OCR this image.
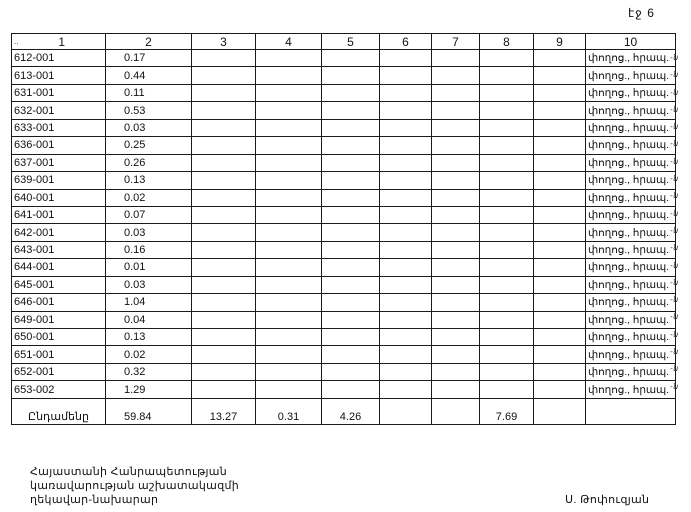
էջ 6
.. 1	2	3	4	5	6	7	8	9	10
612-001	0.17								փողոց., հրապ.
613-001	0.44								փողոց., հրապ.
631-001	0.11								փողոց., հրապ.
632-001	0.53								փողոց., հրապ.
633-001	0.03								փողոց., հրապ.
636-001	0.25								փողոց., հրապ.
637-001	0.26								փողոց., հրապ.
639-001	0.13								փողոց., հրապ.
640-001	0.02								փողոց., հրապ.
641-001	0.07								փողոց., հրապ.
642-001	0.03								փողոց., հրապ.
643-001	0.16								փողոց., հրապ.
644-001	0.01								փողոց., հրապ.
645-001	0.03								փողոց., հրապ.
646-001	1.04								փողոց., հրապ.
649-001	0.04								փողոց., հրապ.
650-001	0.13								փողոց., հրապ.
651-001	0.02								փողոց., հրապ.
652-001	0.32								փողոց., հրապ.
653-002	1.29								փողոց., հրապ.
Ընդամենը	59.84	13.27	0.31	4.26			7.69		
-ն
-ն
-ն
-ն
-ն
-ն
-ն
-ն
-ն
-ն
-ն
-ն
-ն
-ն
-ն
-ն
-ն
-ն
-ն
-ն
Հայաստանի Հանրապետության
կառավարության աշխատակազմի
ղեկավար-նախարար	Ս. Թոփուզյան
